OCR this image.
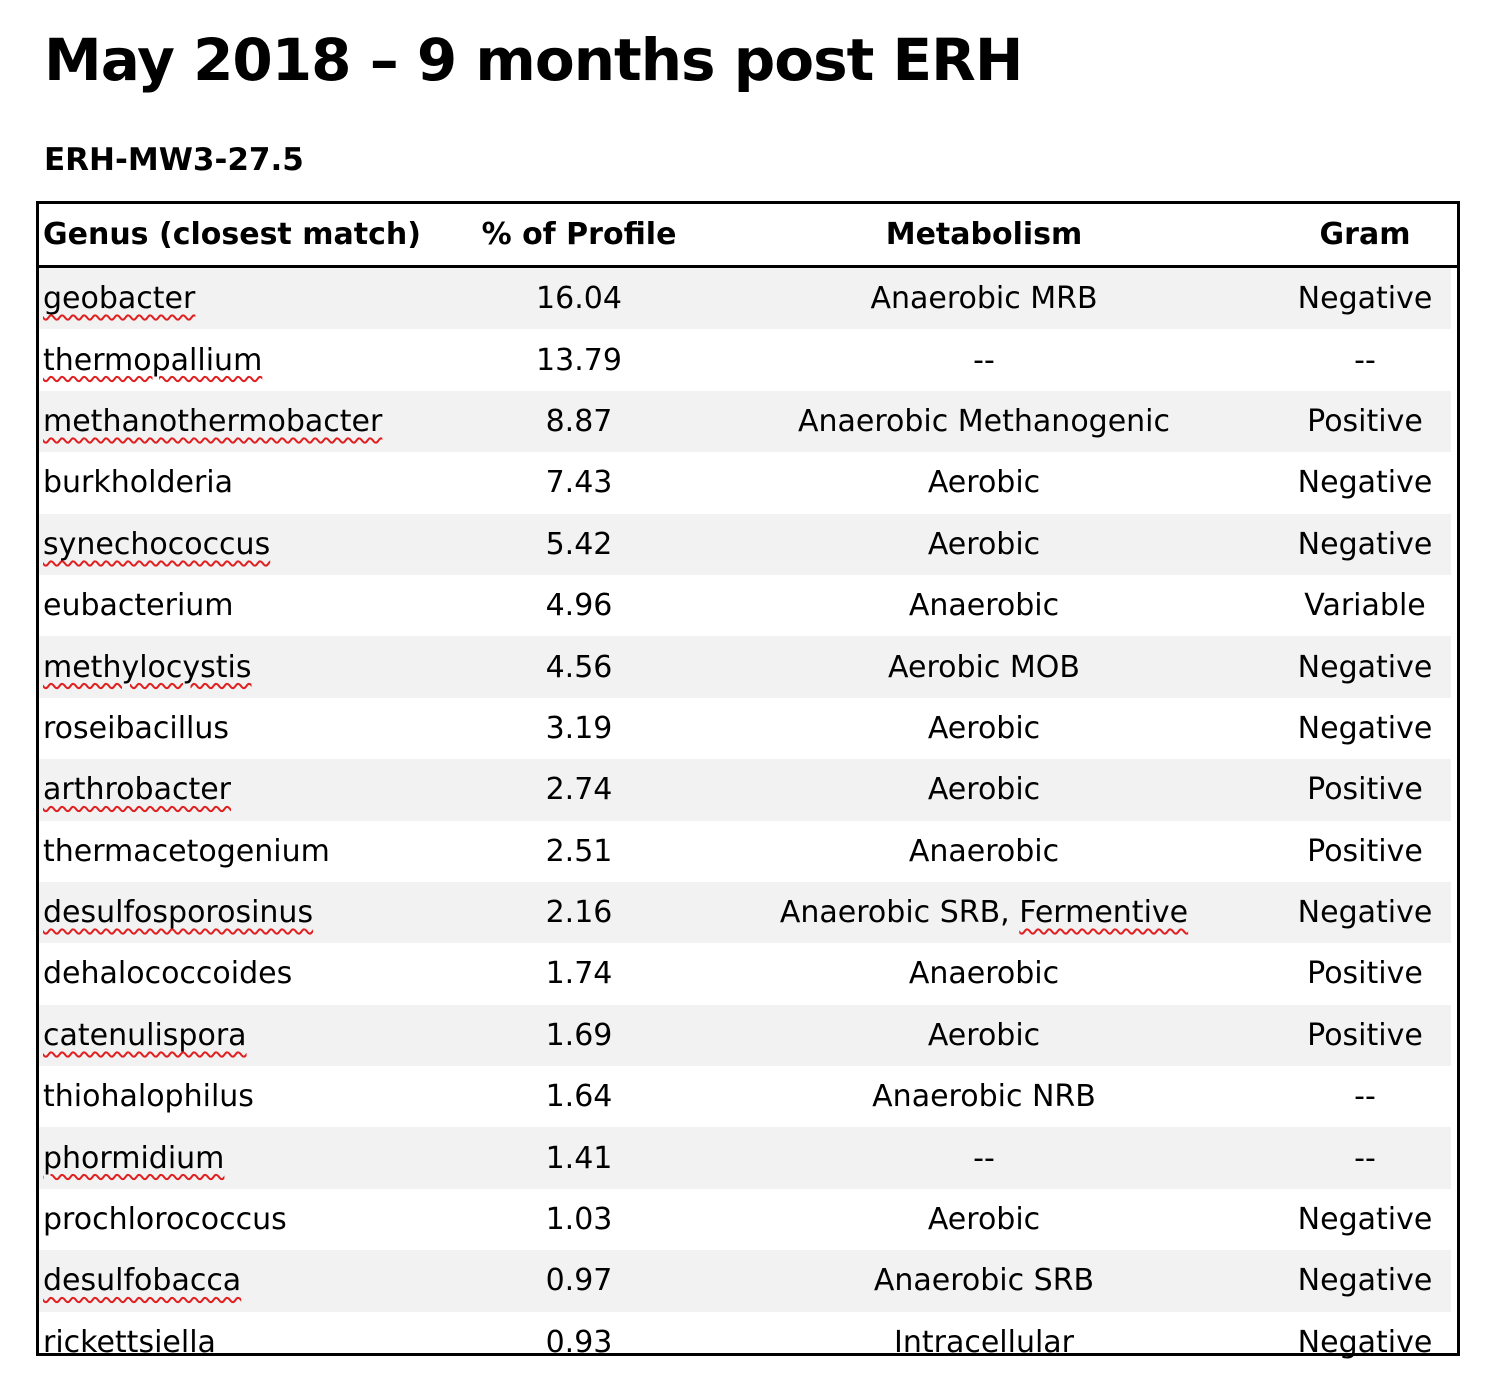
May 2018 – 9 months post ERH
ERH-MW3-27.5
Genus (closest match)	% of Profile	Metabolism	Gram
geobacter	16.04	Anaerobic MRB	Negative
thermopallium	13.79	--	--
methanothermobacter	8.87	Anaerobic Methanogenic	Positive
burkholderia	7.43	Aerobic	Negative
synechococcus	5.42	Aerobic	Negative
eubacterium	4.96	Anaerobic	Variable
methylocystis	4.56	Aerobic MOB	Negative
roseibacillus	3.19	Aerobic	Negative
arthrobacter	2.74	Aerobic	Positive
thermacetogenium	2.51	Anaerobic	Positive
desulfosporosinus	2.16	Anaerobic SRB, Fermentive	Negative
dehalococcoides	1.74	Anaerobic	Positive
catenulispora	1.69	Aerobic	Positive
thiohalophilus	1.64	Anaerobic NRB	--
phormidium	1.41	--	--
prochlorococcus	1.03	Aerobic	Negative
desulfobacca	0.97	Anaerobic SRB	Negative
rickettsiella	0.93	Intracellular	Negative
